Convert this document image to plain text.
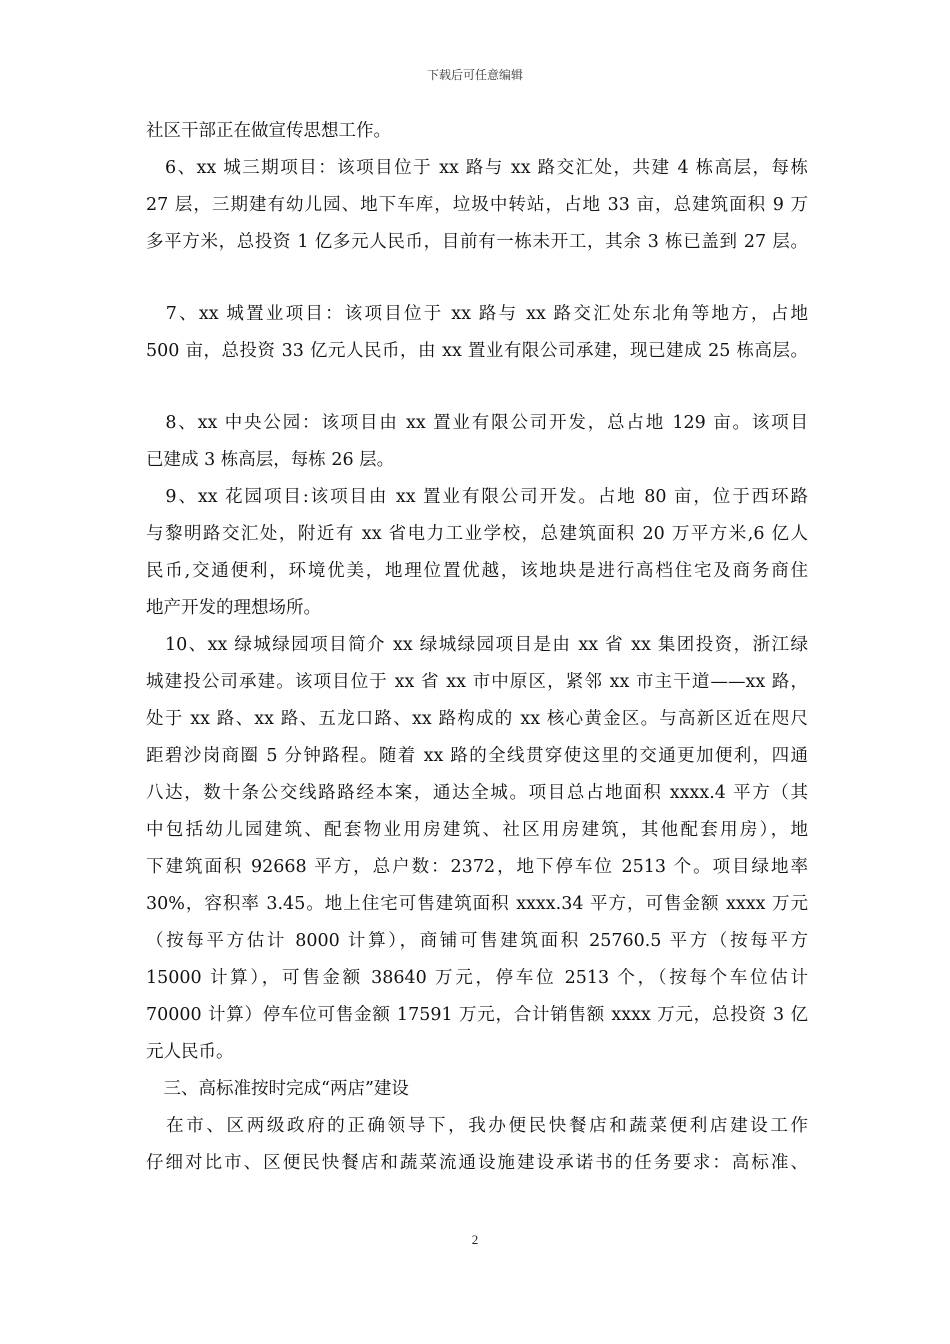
下载后可任意编辑
社区干部正在做宣传思想工作。
　6、xx 城三期项目：该项目位于 xx 路与 xx 路交汇处，共建 4 栋高层，每栋
27 层，三期建有幼儿园、地下车库，垃圾中转站，占地 33 亩，总建筑面积 9 万
多平方米，总投资 1 亿多元人民币，目前有一栋未开工，其余 3 栋已盖到 27 层。
　7、xx 城置业项目：该项目位于 xx 路与 xx 路交汇处东北角等地方，占地
500 亩，总投资 33 亿元人民币，由 xx 置业有限公司承建，现已建成 25 栋高层。
　8、xx 中央公园：该项目由 xx 置业有限公司开发，总占地 129 亩。该项目
已建成 3 栋高层，每栋 26 层。
　9、xx 花园项目:该项目由 xx 置业有限公司开发。占地 80 亩，位于西环路
与黎明路交汇处，附近有 xx 省电力工业学校，总建筑面积 20 万平方米,6 亿人
民币,交通便利，环境优美，地理位置优越，该地块是进行高档住宅及商务商住
地产开发的理想场所。
　10、xx 绿城绿园项目简介 xx 绿城绿园项目是由 xx 省 xx 集团投资，浙江绿
城建投公司承建。该项目位于 xx 省 xx 市中原区，紧邻 xx 市主干道——xx 路，
处于 xx 路、xx 路、五龙口路、xx 路构成的 xx 核心黄金区。与高新区近在咫尺
距碧沙岗商圈 5 分钟路程。随着 xx 路的全线贯穿使这里的交通更加便利，四通
八达，数十条公交线路路经本案，通达全城。项目总占地面积 xxxx.4 平方（其
中包括幼儿园建筑、配套物业用房建筑、社区用房建筑，其他配套用房），地
下建筑面积 92668 平方，总户数：2372，地下停车位 2513 个。项目绿地率
30%，容积率 3.45。地上住宅可售建筑面积 xxxx.34 平方，可售金额 xxxx 万元
（按每平方估计 8000 计算），商铺可售建筑面积 25760.5 平方（按每平方
15000 计算），可售金额 38640 万元，停车位 2513 个，（按每个车位估计
70000 计算）停车位可售金额 17591 万元，合计销售额 xxxx 万元，总投资 3 亿
元人民币。
　三、高标准按时完成“两店”建设
　在市、区两级政府的正确领导下，我办便民快餐店和蔬菜便利店建设工作
仔细对比市、区便民快餐店和蔬菜流通设施建设承诺书的任务要求：高标准、
2
